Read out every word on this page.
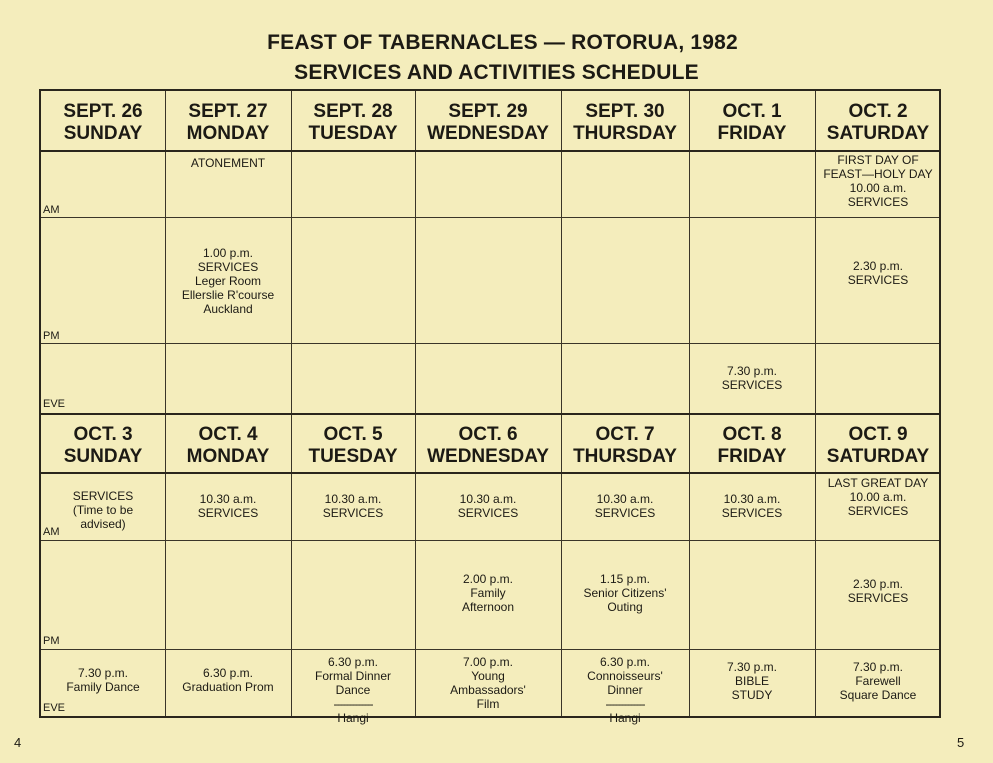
FEAST OF TABERNACLES — ROTORUA, 1982
SERVICES AND ACTIVITIES SCHEDULE
SEPT. 26
SUNDAY
SEPT. 27
MONDAY
SEPT. 28
TUESDAY
SEPT. 29
WEDNESDAY
SEPT. 30
THURSDAY
OCT. 1
FRIDAY
OCT. 2
SATURDAY
AM
PM
EVE
ATONEMENT	FIRST DAY OF
FEAST—HOLY DAY
10.00 a.m.
SERVICES
1.00 p.m.
SERVICES
Leger Room
Ellerslie R'course
Auckland
2.30 p.m.
SERVICES
7.30 p.m.
SERVICES
OCT. 3
SUNDAY
OCT. 4
MONDAY
OCT. 5
TUESDAY
OCT. 6
WEDNESDAY
OCT. 7
THURSDAY
OCT. 8
FRIDAY
OCT. 9
SATURDAY
AM
PM
EVE
SERVICES
(Time to be
advised)
10.30 a.m.
SERVICES
10.30 a.m.
SERVICES
10.30 a.m.
SERVICES
10.30 a.m.
SERVICES
10.30 a.m.
SERVICES
LAST GREAT DAY
10.00 a.m.
SERVICES
2.00 p.m.
Family
Afternoon
1.15 p.m.
Senior Citizens'
Outing
2.30 p.m.
SERVICES
7.30 p.m.
Family Dance
6.30 p.m.
Graduation Prom
6.30 p.m.
Formal Dinner
Dance
-------------
Hangi
7.00 p.m.
Young
Ambassadors'
Film
6.30 p.m.
Connoisseurs'
Dinner
-------------
Hangi
7.30 p.m.
BIBLE
STUDY
7.30 p.m.
Farewell
Square Dance
4	5
